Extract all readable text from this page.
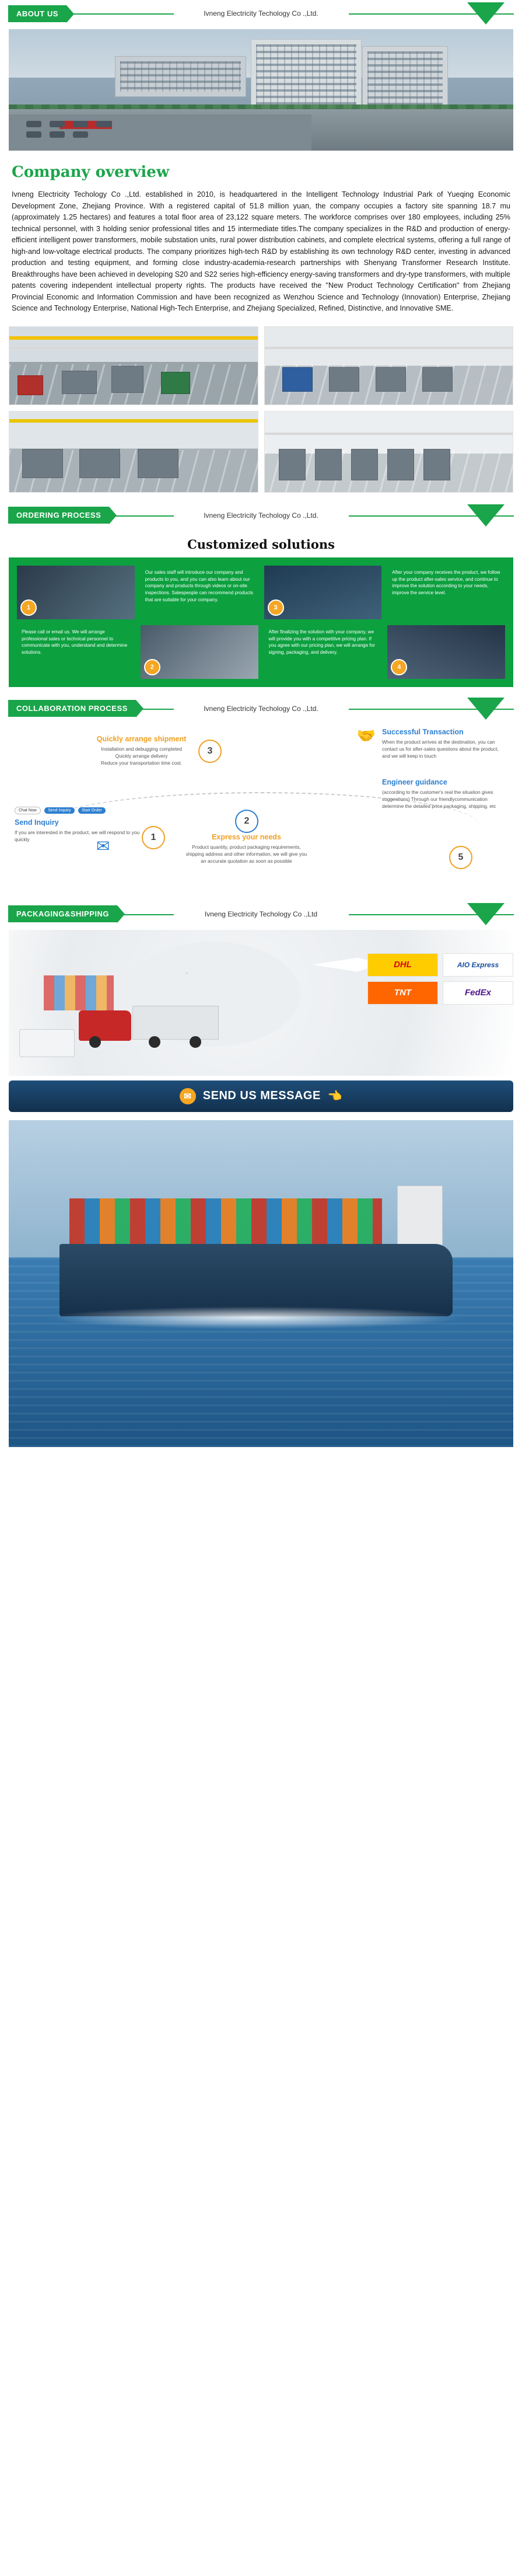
ABOUT US	Ivneng Electricity Techology Co .,Ltd.
Company overview

Ivneng Electricity Techology Co .,Ltd. established in 2010, is headquartered in the Intelligent Technology Industrial Park of Yueqing Economic Development Zone, Zhejiang Province. With a registered capital of 51.8 million yuan, the company occupies a factory site spanning 18.7 mu (approximately 1.25 hectares) and features a total floor area of 23,122 square meters. The workforce comprises over 180 employees, including 25% technical personnel, with 3 holding senior professional titles and 15 intermediate titles.The company specializes in the R&D and production of energy-efficient intelligent power transformers, mobile substation units, rural power distribution cabinets, and complete electrical systems, offering a full range of high-and low-voltage electrical products. The company prioritizes high-tech R&D by establishing its own technology R&D center, investing in advanced production and testing equipment, and forming close industry-academia-research partnerships with Shenyang Transformer Research Institute. Breakthroughs have been achieved in developing S20 and S22 series high-efficiency energy-saving transformers and dry-type transformers, with multiple patents covering independent intellectual property rights. The products have received the "New Product Technology Certification" from Zhejiang Provincial Economic and Information Commission and have been recognized as Wenzhou Science and Technology (Innovation) Enterprise, Zhejiang Science and Technology Enterprise, National High-Tech Enterprise, and Zhejiang Specialized, Refined, Distinctive, and Innovative SME.

ORDERING PROCESS	Ivneng Electricity Techology Co .,Ltd.
Customized solutions
1
Our sales staff will introduce our company and products to you, and you can also learn about our company and products through videos or on-site inspections. Salespeople can recommend products that are suitable for your company.
3
After your company receives the product, we follow up the product after-sales service, and continue to improve the solution according to your needs, improve the service level.
Please call or email us. We will arrange professional sales or technical personnel to communicate with you, understand and determine solutions.
2
After finalizing the solution with your company, we will provide you with a competitive pricing plan. If you agree with our pricing plan, we will arrange for signing, packaging, and delivery.
4
COLLABORATION PROCESS	Ivneng Electricity Techology Co .,Ltd.
Successful Transaction

When the product arrives at the destination, you can contact us for after-sales questions about the product, and we will keep in touch

🤝
Engineer guidance

(according to the customer's real the situation gives suggestions) Through our friendlycommunication determine the detailed price packaging, shipping, etc

Quickly arrange shipment

Installation and debugging completed

Quickly arrange delivery

Reduce your transportation time cost.

3
Chat Now	Send Inquiry	Start Order
Send Inquiry

If you are interested in the product, we will respond to you quickly	✉	1	Express your needs

Product quantity, product packaging requirements, shipping address and other information, we will give you an accurate quotation as soon as possible

2
5
PACKAGING&SHIPPING	Ivneng Electricity Techology Co .,Ltd
DHL	AIO Express
TNT	FedEx
✉ SEND US MESSAGE 👈
